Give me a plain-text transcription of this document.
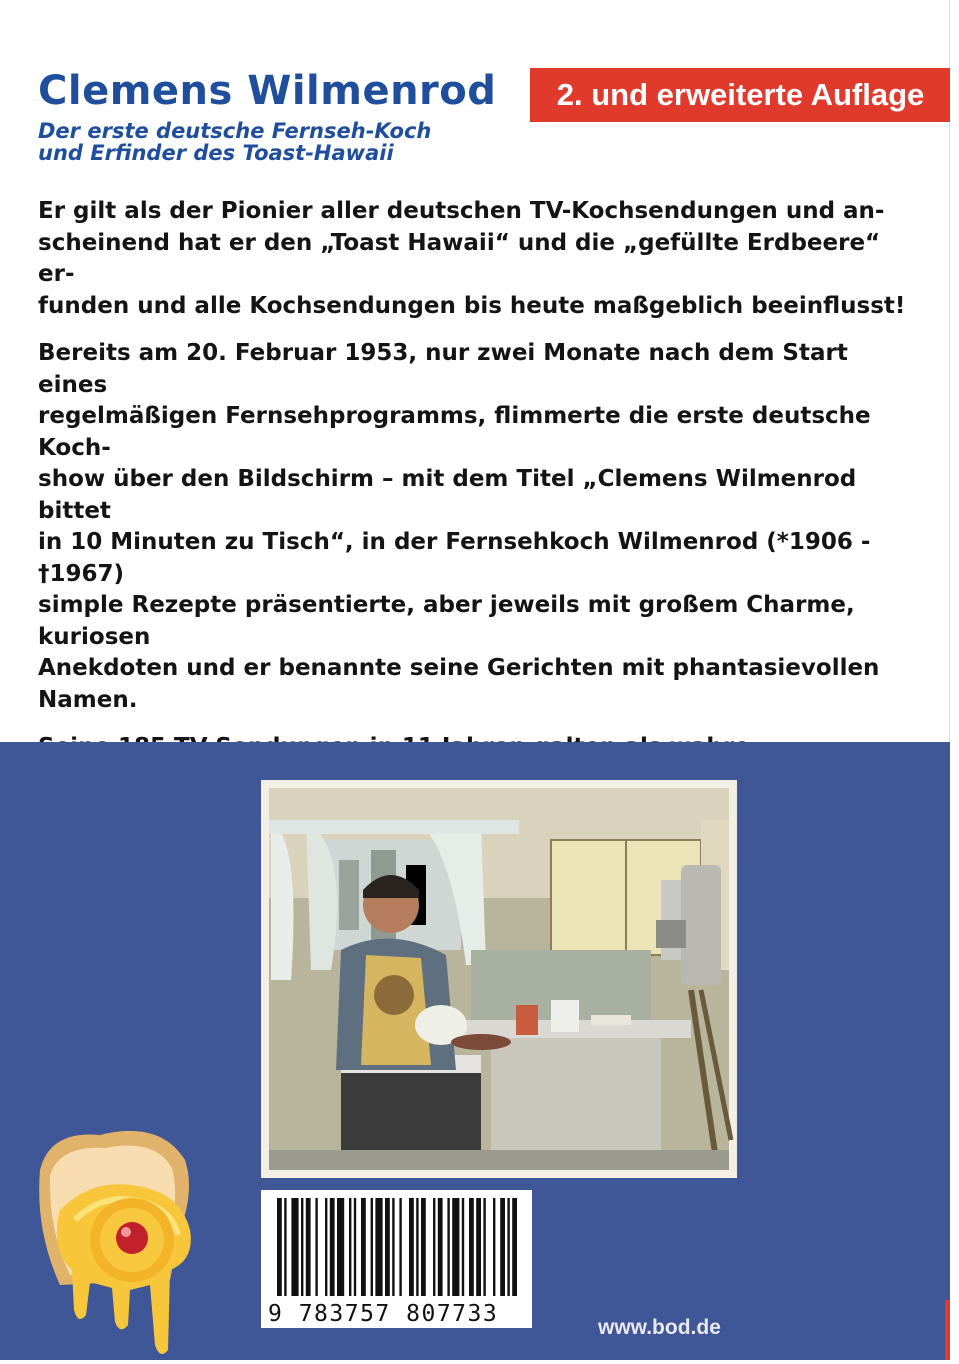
Clemens Wilmenrod
Der erste deutsche Fernseh-Koch
und Erfinder des Toast-Hawaii
2. und erweiterte Auflage

Er gilt als der Pionier aller deutschen TV-Kochsendungen und an-
scheinend hat er den „Toast Hawaii“ und die „gefüllte Erdbeere“ er-
funden und alle Kochsendungen bis heute maßgeblich beeinflusst!

Bereits am 20. Februar 1953, nur zwei Monate nach dem Start eines
regelmäßigen Fernsehprogramms, flimmerte die erste deutsche Koch-
show über den Bildschirm – mit dem Titel „Clemens Wilmenrod bittet
in 10 Minuten zu Tisch“, in der Fernsehkoch Wilmenrod (*1906 - †1967)
simple Rezepte präsentierte, aber jeweils mit großem Charme, kuriosen
Anekdoten und er benannte seine Gerichten mit phantasievollen Namen.

9 783757 807733
www.bod.de
